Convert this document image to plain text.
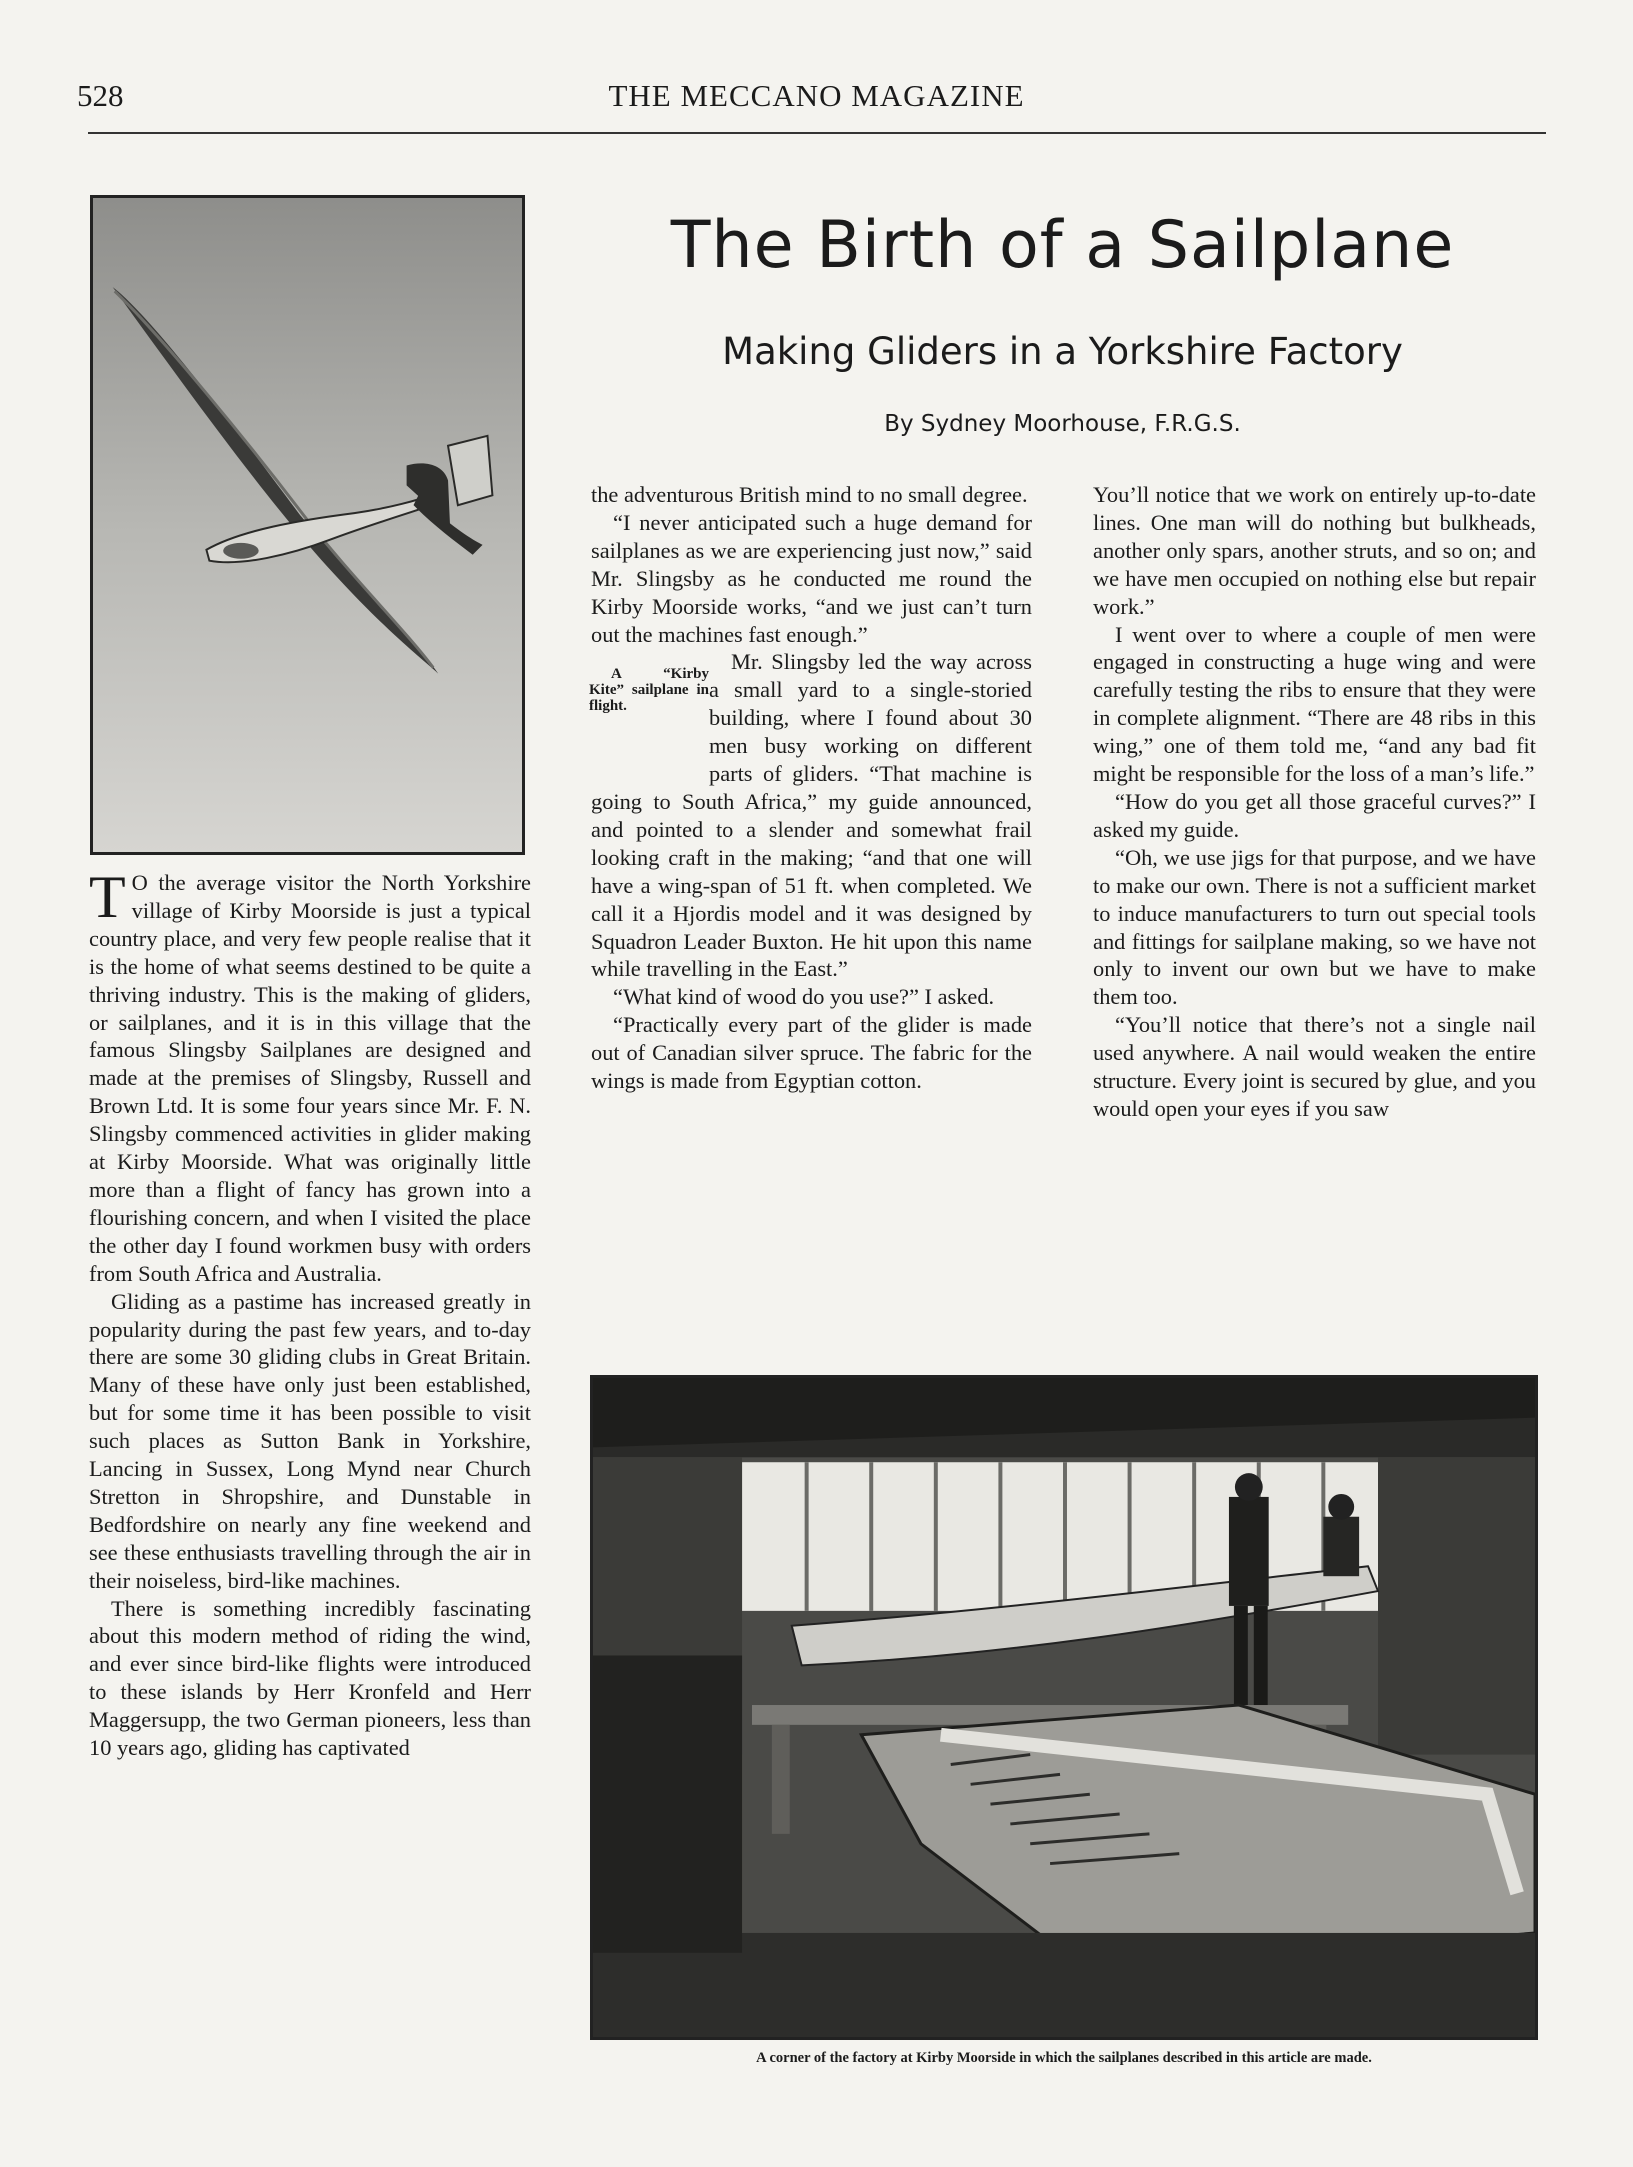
528	THE MECCANO MAGAZINE
The Birth of a Sailplane
Making Gliders in a Yorkshire Factory
By Sydney Moorhouse, F.R.G.S.

T O the average visitor the North Yorkshire village of Kirby Moorside is just a typical country place, and very few people realise that it is the home of what seems destined to be quite a thriving industry. This is the making of gliders, or sailplanes, and it is in this village that the famous Slingsby Sailplanes are designed and made at the premises of Slingsby, Russell and Brown Ltd. It is some four years since Mr. F. N. Slingsby commenced activities in glider making at Kirby Moorside. What was originally little more than a flight of fancy has grown into a flourishing concern, and when I visited the place the other day I found workmen busy with orders from South Africa and Australia.

Gliding as a pastime has increased greatly in popularity during the past few years, and to-day there are some 30 gliding clubs in Great Britain. Many of these have only just been established, but for some time it has been possible to visit such places as Sutton Bank in Yorkshire, Lancing in Sussex, Long Mynd near Church Stretton in Shropshire, and Dunstable in Bedfordshire on nearly any fine weekend and see these enthusiasts travelling through the air in their noiseless, bird-like machines.

There is something incredibly fascinating about this modern method of riding the wind, and ever since bird-like flights were introduced to these islands by Herr Kronfeld and Herr Maggersupp, the two German pioneers, less than 10 years ago, gliding has captivated

the adventurous British mind to no small degree.

“I never anticipated such a huge demand for sailplanes as we are experiencing just now,” said Mr. Slingsby as he conducted me round the Kirby Moorside works, “and we just can’t turn out the machines fast enough.”

A “Kirby Kite” sailplane in flight.
Mr. Slingsby led the way across a small yard to a single-storied building, where I found about 30 men busy working on different parts of gliders. “That machine is going to South Africa,” my guide announced, and pointed to a slender and somewhat frail looking craft in the making; “and that one will have a wing-span of 51 ft. when completed. We call it a Hjordis model and it was designed by Squadron Leader Buxton. He hit upon this name while travelling in the East.”

“What kind of wood do you use?” I asked.

“Practically every part of the glider is made out of Canadian silver spruce. The fabric for the wings is made from Egyptian cotton.

You’ll notice that we work on entirely up-to-date lines. One man will do nothing but bulkheads, another only spars, another struts, and so on; and we have men occupied on nothing else but repair work.”

I went over to where a couple of men were engaged in constructing a huge wing and were carefully testing the ribs to ensure that they were in complete alignment. “There are 48 ribs in this wing,” one of them told me, “and any bad fit might be responsible for the loss of a man’s life.”

“How do you get all those graceful curves?” I asked my guide.

“Oh, we use jigs for that purpose, and we have to make our own. There is not a sufficient market to induce manufacturers to turn out special tools and fittings for sailplane making, so we have not only to invent our own but we have to make them too.

“You’ll notice that there’s not a single nail used anywhere. A nail would weaken the entire structure. Every joint is secured by glue, and you would open your eyes if you saw

A corner of the factory at Kirby Moorside in which the sailplanes described in this article are made.
